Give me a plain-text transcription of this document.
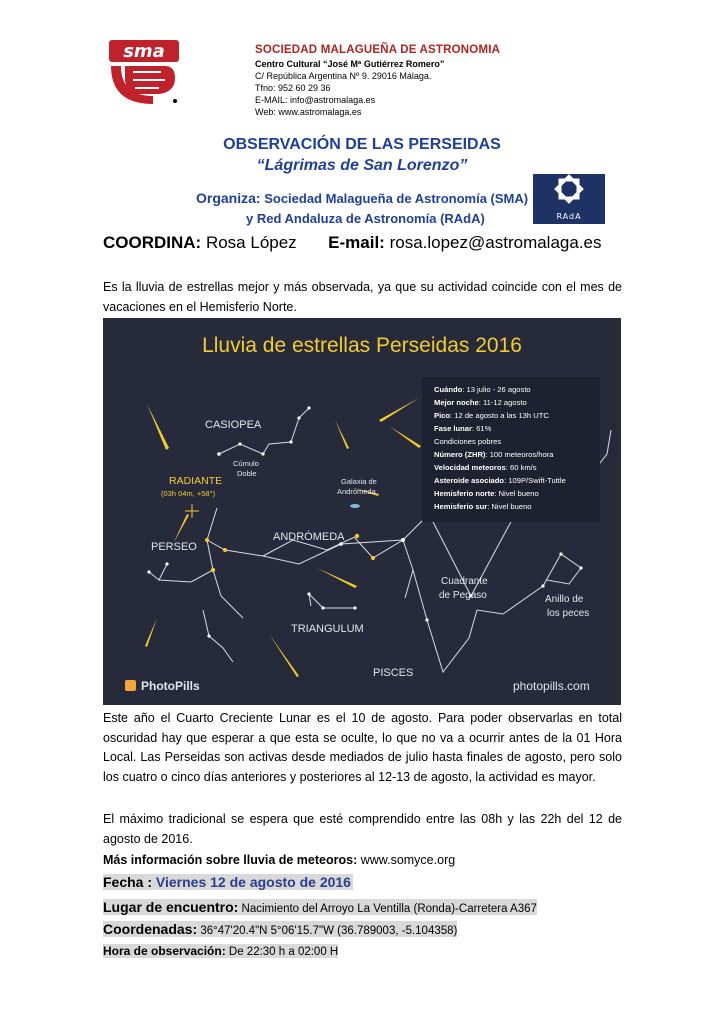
sma	SOCIEDAD MALAGUEÑA DE ASTRONOMIA
Centro Cultural “José Mª Gutiérrez Romero”
C/ República Argentina Nº 9. 29016 Málaga.
Tfno: 952 60 29 36
E-MAIL: info@astromalaga.es
Web: www.astromalaga.es
OBSERVACIÓN DE LAS PERSEIDAS
“Lágrimas de San Lorenzo”
Organiza: Sociedad Malagueña de Astronomía (SMA)
y Red Andaluza de Astronomía (RAdA)	RAdA
COORDINA: Rosa López E-mail: rosa.lopez@astromalaga.es
Es la lluvia de estrellas mejor y más observada, ya que su actividad coincide con el mes de vacaciones en el Hemisferio Norte.
Lluvia de estrellas Perseidas 2016
CASIOPEA
RADIANTE
(03h 04m, +58°)
Cúmulo
Doble
Galaxia de
Andrómeda
ANDRÓMEDA
PERSEO
TRIANGULUM
PISCES
Cuadrante
de Pegaso	Anillo de
los peces
PhotoPills	photopills.com
Cuándo: 13 julio - 26 agosto
Mejor noche: 11-12 agosto
Pico: 12 de agosto a las 13h UTC
Fase lunar: 61%
Condiciones pobres
Número (ZHR): 100 meteoros/hora
Velocidad meteoros: 60 km/s
Asteroide asociado: 109P/Swift-Tuttle
Hemisferio norte: Nivel bueno
Hemisferio sur: Nivel bueno
Este año el Cuarto Creciente Lunar es el 10 de agosto. Para poder observarlas en total oscuridad hay que esperar a que esta se oculte, lo que no va a ocurrir antes de la 01 Hora Local. Las Perseidas son activas desde mediados de julio hasta finales de agosto, pero solo los cuatro o cinco días anteriores y posteriores al 12-13 de agosto, la actividad es mayor.
El máximo tradicional se espera que esté comprendido entre las 08h y las 22h del 12 de agosto de 2016.
Más información sobre lluvia de meteoros: www.somyce.org
Fecha : Viernes 12 de agosto de 2016
Lugar de encuentro: Nacimiento del Arroyo La Ventilla (Ronda)-Carretera A367
Coordenadas: 36°47'20.4"N 5°06'15.7"W (36.789003, -5.104358)
Hora de observación: De 22:30 h a 02:00 H
